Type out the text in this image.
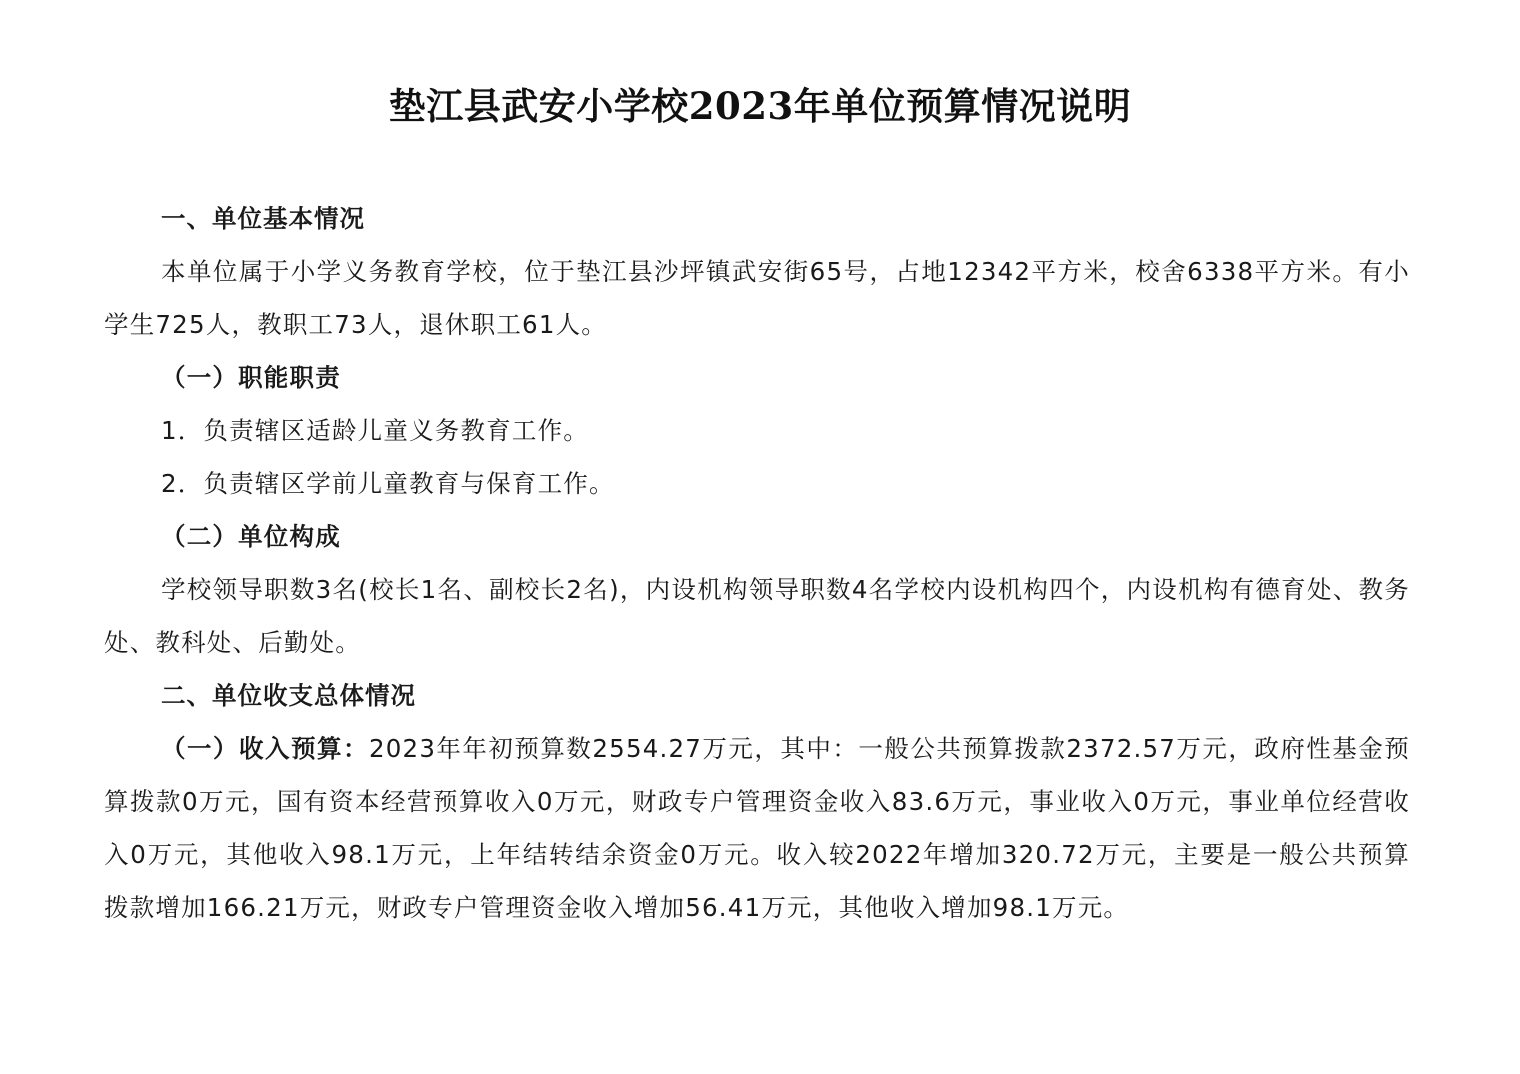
垫江县武安小学校2023年单位预算情况说明

一、单位基本情况

本单位属于小学义务教育学校，位于垫江县沙坪镇武安街65号，占地12342平方米，校舍6338平方米。有小学生725人，教职工73人，退休职工61人。

（一）职能职责

1．负责辖区适龄儿童义务教育工作。

2．负责辖区学前儿童教育与保育工作。

（二）单位构成

学校领导职数3名(校长1名、副校长2名)，内设机构领导职数4名学校内设机构四个，内设机构有德育处、教务处、教科处、后勤处。

二、单位收支总体情况

（一）收入预算：2023年年初预算数2554.27万元，其中：一般公共预算拨款2372.57万元，政府性基金预算拨款0万元，国有资本经营预算收入0万元，财政专户管理资金收入83.6万元，事业收入0万元，事业单位经营收入0万元，其他收入98.1万元，上年结转结余资金0万元。收入较2022年增加320.72万元，主要是一般公共预算拨款增加166.21万元，财政专户管理资金收入增加56.41万元，其他收入增加98.1万元。
